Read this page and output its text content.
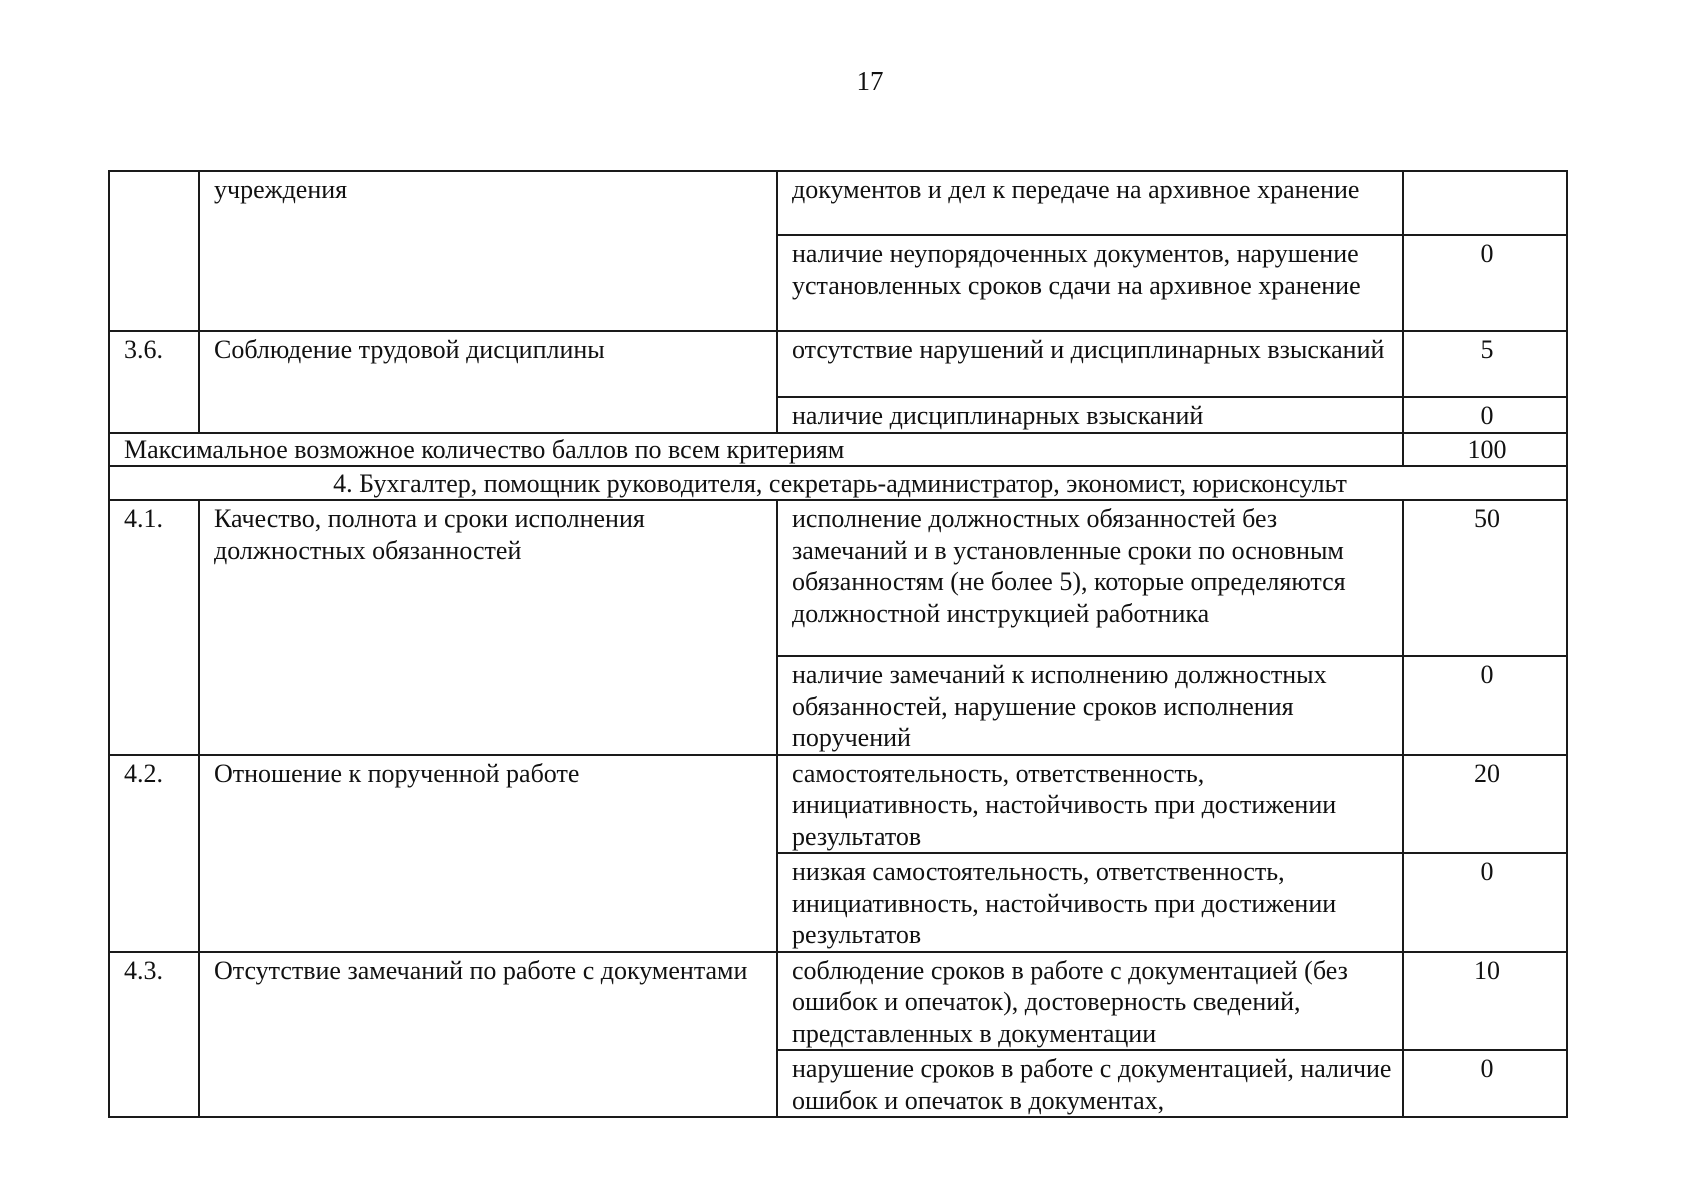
17
	учреждения	документов и дел к передаче на архивное хранение	
		наличие неупорядоченных документов, нарушение установленных сроков сдачи на архивное хранение	0
3.6.	Соблюдение трудовой дисциплины	отсутствие нарушений и дисциплинарных взысканий	5
		наличие дисциплинарных взысканий	0
Максимальное возможное количество баллов по всем критериям			100
4. Бухгалтер, помощник руководителя, секретарь-администратор, экономист, юрисконсульт			
4.1.	Качество, полнота и сроки исполнения должностных обязанностей	исполнение должностных обязанностей без замечаний и в установленные сроки по основным обязанностям (не более 5), которые определяются должностной инструкцией работника	50
		наличие замечаний к исполнению должностных обязанностей, нарушение сроков исполнения поручений	0
4.2.	Отношение к порученной работе	самостоятельность, ответственность, инициативность, настойчивость при достижении результатов	20
		низкая самостоятельность, ответственность, инициативность, настойчивость при достижении результатов	0
4.3.	Отсутствие замечаний по работе с документами	соблюдение сроков в работе с документацией (без ошибок и опечаток), достоверность сведений, представленных в документации	10
		нарушение сроков в работе с документацией, наличие ошибок и опечаток в документах,	0
